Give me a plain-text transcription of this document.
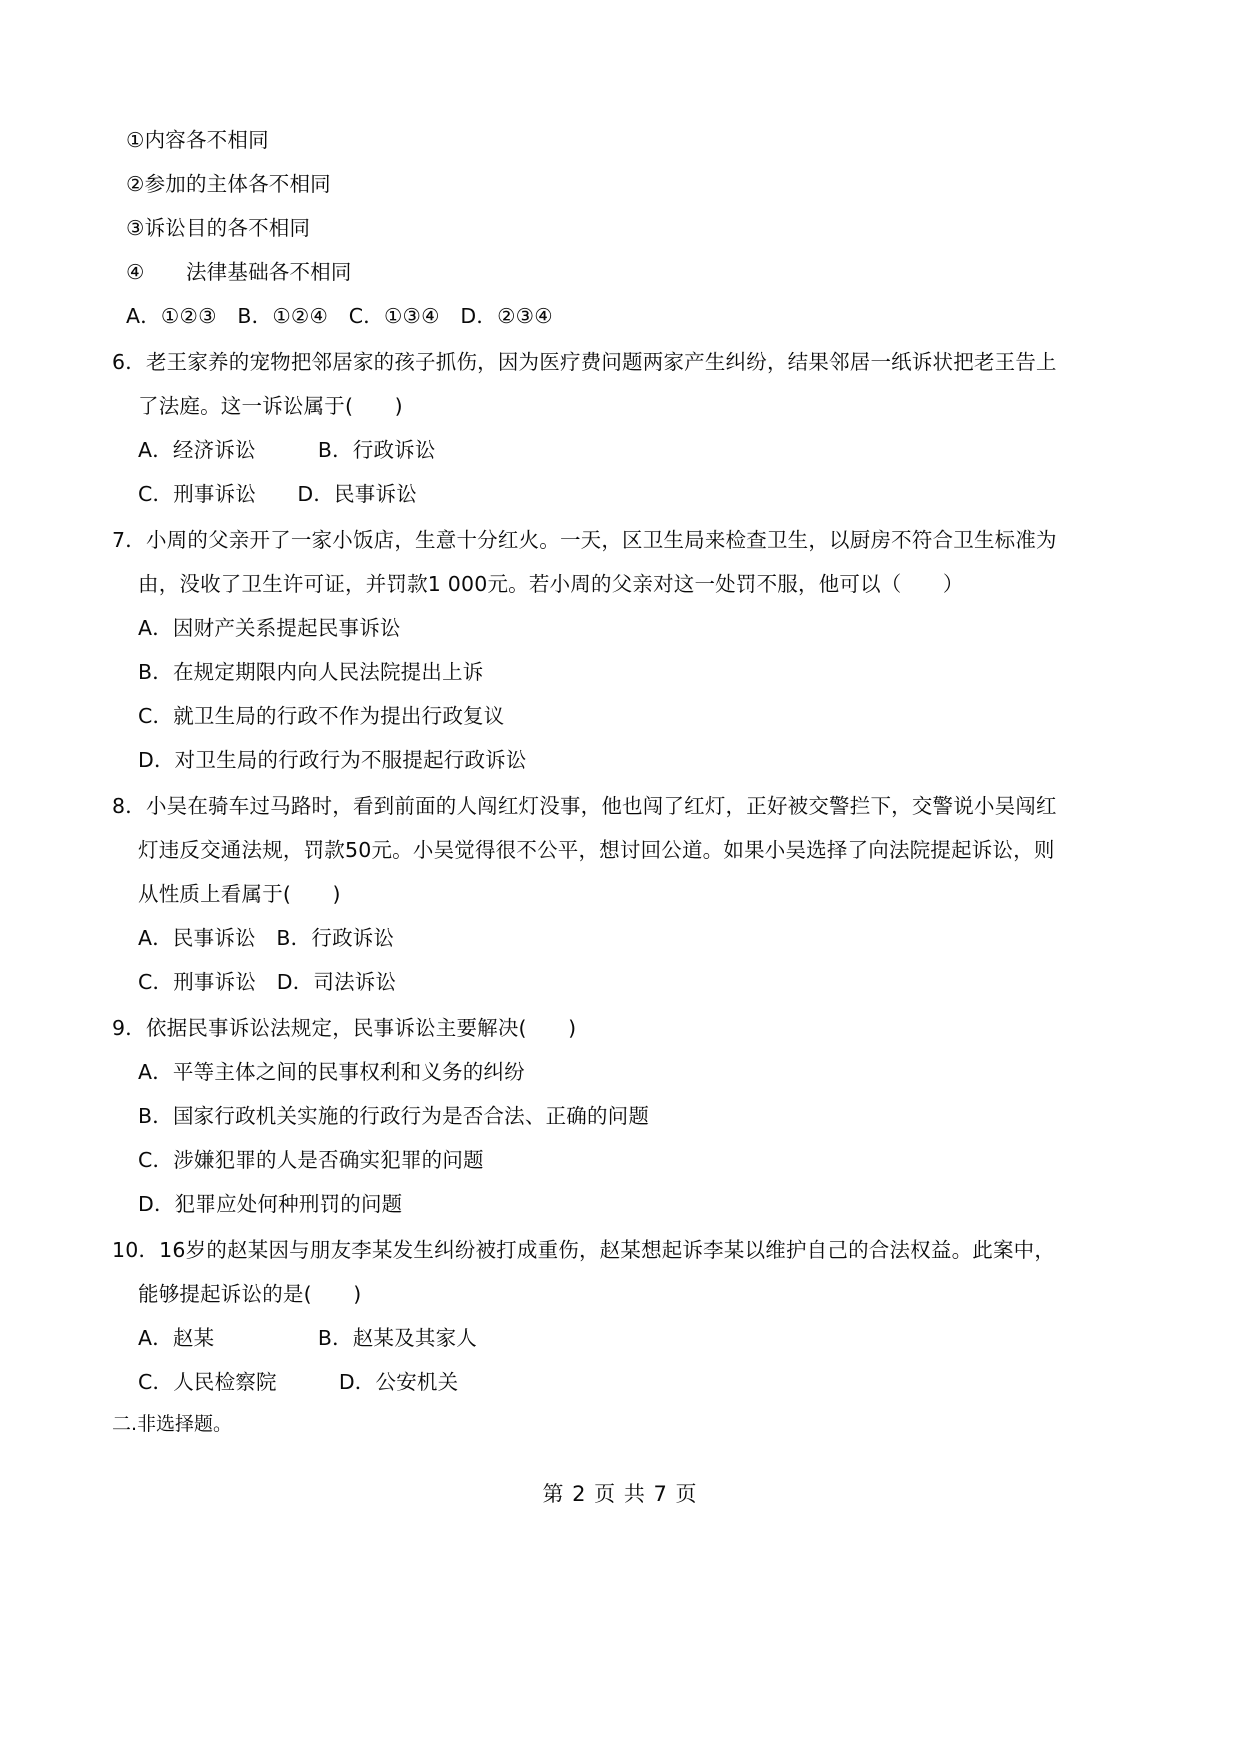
①内容各不相同
②参加的主体各不相同
③诉讼目的各不相同
④　　法律基础各不相同
A．①②③　B．①②④　C．①③④　D．②③④
6．老王家养的宠物把邻居家的孩子抓伤，因为医疗费问题两家产生纠纷，结果邻居一纸诉状把老王告上
了法庭。这一诉讼属于(　　)
A．经济诉讼　　　B．行政诉讼
C．刑事诉讼　　D．民事诉讼
7．小周的父亲开了一家小饭店，生意十分红火。一天，区卫生局来检查卫生，以厨房不符合卫生标准为
由，没收了卫生许可证，并罚款1 000元。若小周的父亲对这一处罚不服，他可以（　　）
A．因财产关系提起民事诉讼
B．在规定期限内向人民法院提出上诉
C．就卫生局的行政不作为提出行政复议
D．对卫生局的行政行为不服提起行政诉讼
8．小吴在骑车过马路时，看到前面的人闯红灯没事，他也闯了红灯，正好被交警拦下，交警说小吴闯红
灯违反交通法规，罚款50元。小吴觉得很不公平，想讨回公道。如果小吴选择了向法院提起诉讼，则
从性质上看属于(　　)
A．民事诉讼　B．行政诉讼
C．刑事诉讼　D．司法诉讼
9．依据民事诉讼法规定，民事诉讼主要解决(　　)
A．平等主体之间的民事权利和义务的纠纷
B．国家行政机关实施的行政行为是否合法、正确的问题
C．涉嫌犯罪的人是否确实犯罪的问题
D．犯罪应处何种刑罚的问题
10．16岁的赵某因与朋友李某发生纠纷被打成重伤，赵某想起诉李某以维护自己的合法权益。此案中，
能够提起诉讼的是(　　)
A．赵某　　　　　B．赵某及其家人
C．人民检察院　　　D．公安机关
二.非选择题。
第 2 页 共 7 页
